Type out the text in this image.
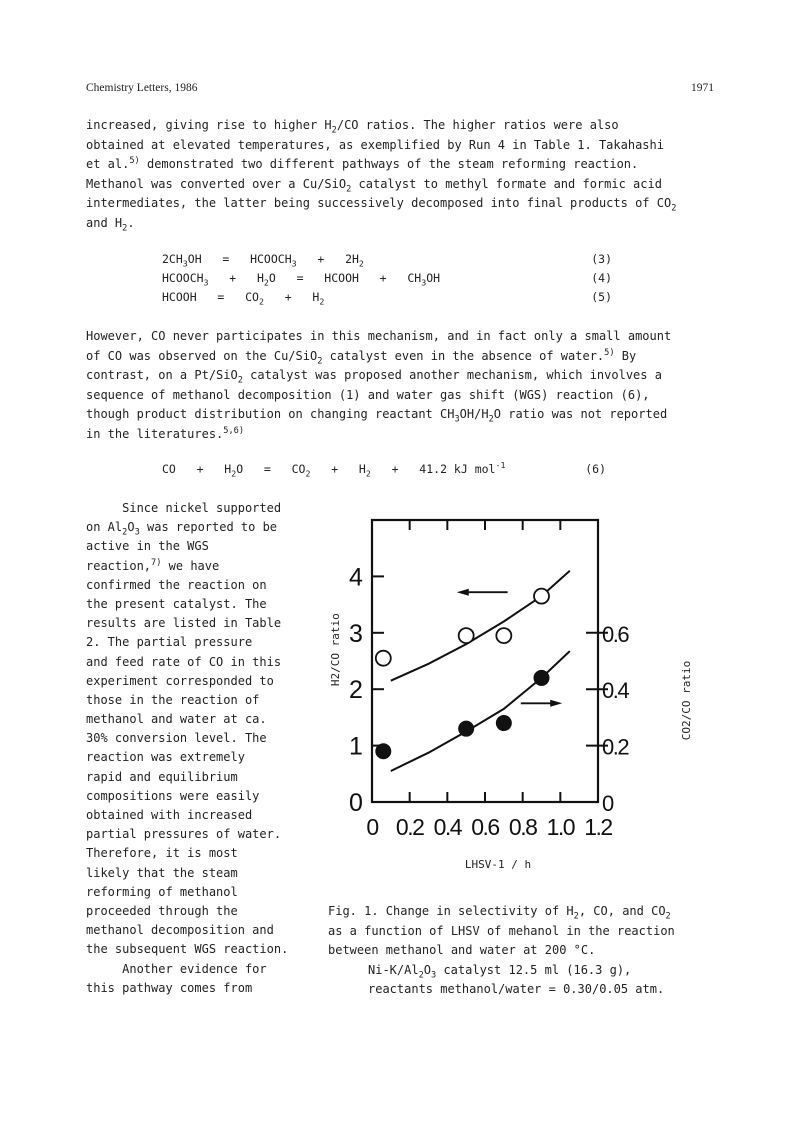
Chemistry Letters, 1986	1971
increased, giving rise to higher $H_2/CO$ ratios. The higher ratios were also
obtained at elevated temperatures, as exemplified by Run 4 in Table 1. Takahashi
et al.$^{5)}$ demonstrated two different pathways of the steam reforming reaction.
Methanol was converted over a Cu/SiO$_2$ catalyst to methyl formate and formic acid
intermediates, the latter being successively decomposed into final products of $CO_2$
and $H_2$.
$2CH_3OH$   =   $HCOOCH_3 + 2H_2$	(3)
$HCOOCH_3 + H_2O$   =   HCOOH   +   $CH_3OH$	(4)
HCOOH   =   $CO_2 + H_2$	(5)
However, CO never participates in this mechanism, and in fact only a small amount
of CO was observed on the Cu/SiO$_2$ catalyst even in the absence of water.$^{5)}$ By
contrast, on a Pt/SiO$_2$ catalyst was proposed another mechanism, which involves a
sequence of methanol decomposition (1) and water gas shift (WGS) reaction (6),
though product distribution on changing reactant $CH_3OH/H_2O$ ratio was not reported
in the literatures.$^{5,6)}$
CO   +   $H_2O = CO_2 + H_2 + 41.2$ kJ mol$^{-1}$	(6)
Since nickel supported
on $Al_2O_3$ was reported to be
active in the WGS
reaction,$^{7)}$ we have
confirmed the reaction on
the present catalyst. The
results are listed in Table
2. The partial pressure
and feed rate of CO in this
experiment corresponded to
those in the reaction of
methanol and water at ca.
30% conversion level. The
reaction was extremely
rapid and equilibrium
compositions were easily
obtained with increased
partial pressures of water.
Therefore, it is most
likely that the steam
reforming of methanol
proceeded through the
methanol decomposition and
the subsequent WGS reaction.
Another evidence for
this pathway comes from
0 0.2 0.4 0.6 0.8 1.0 1.2
0
1
2
3
4
0
0.2
0.4
0.6
H2/CO ratio
CO2/CO ratio
LHSV-1 / h
Fig. 1. Change in selectivity of $H_2$, CO, and $CO_2$
as a function of LHSV of mehanol in the reaction
between methanol and water at 200 °C.
$Ni-K/Al_2O_3$ catalyst 12.5 ml (16.3 g),
reactants methanol/water = 0.30/0.05 atm.
